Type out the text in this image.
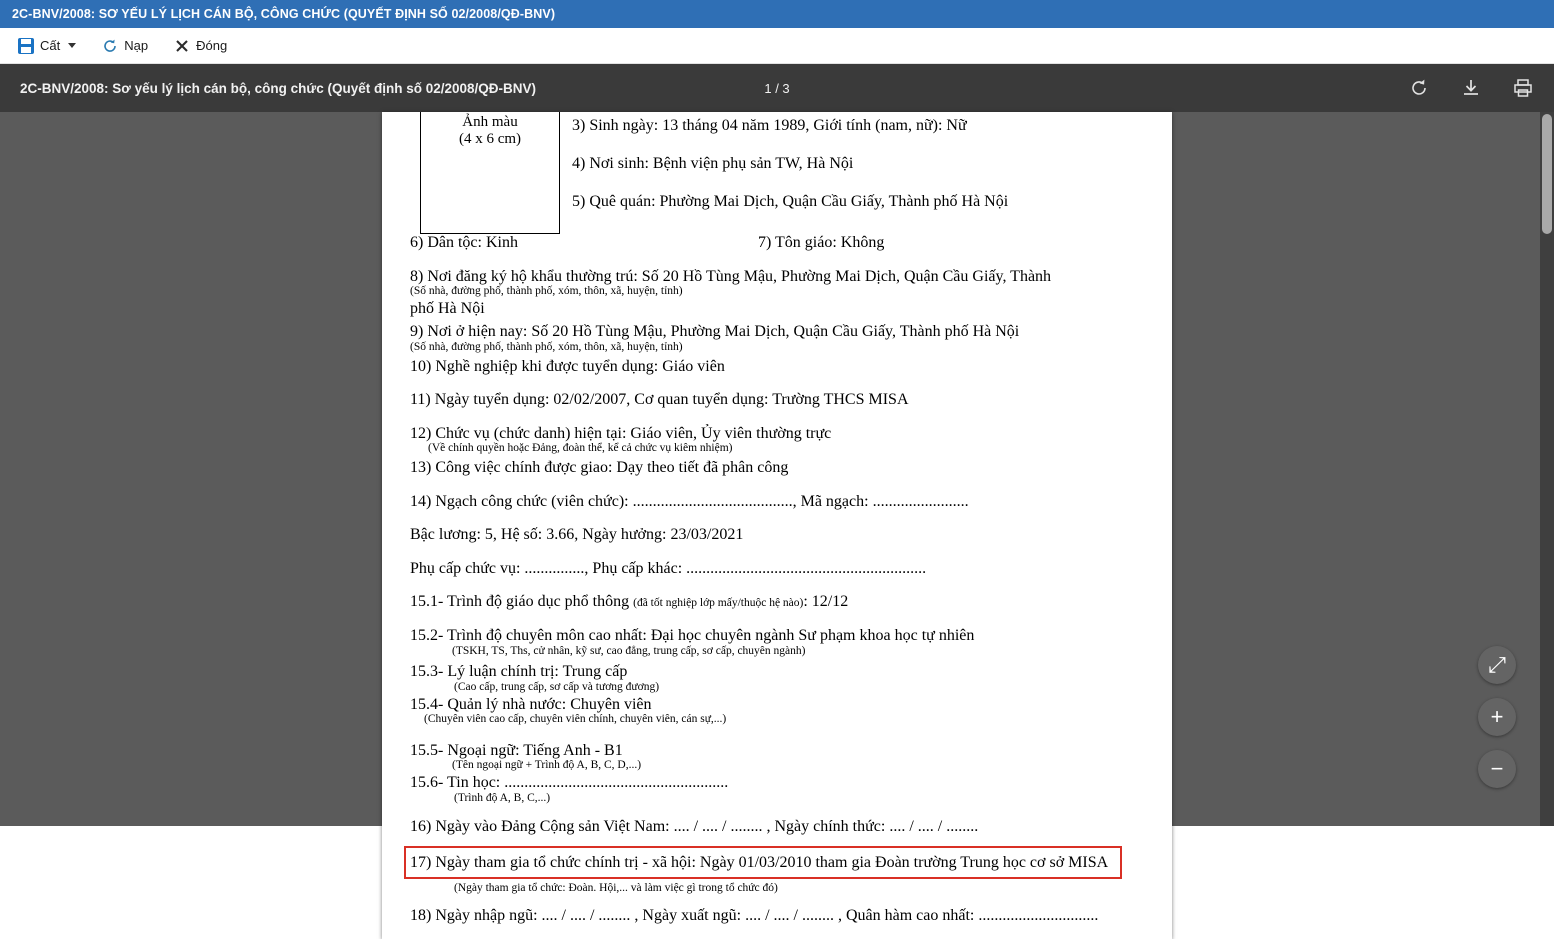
2C-BNV/2008: SƠ YẾU LÝ LỊCH CÁN BỘ, CÔNG CHỨC (QUYẾT ĐỊNH SỐ 02/2008/QĐ-BNV)
Cất	Nạp	Đóng
2C-BNV/2008: Sơ yếu lý lịch cán bộ, công chức (Quyết định số 02/2008/QĐ-BNV)	1 / 3
Ảnh màu
(4 x 6 cm)

3) Sinh ngày: 13 tháng 04 năm 1989, Giới tính (nam, nữ): Nữ

4) Nơi sinh: Bệnh viện phụ sản TW, Hà Nội

5) Quê quán: Phường Mai Dịch, Quận Cầu Giấy, Thành phố Hà Nội

6) Dân tộc: Kinh	7) Tôn giáo: Không

8) Nơi đăng ký hộ khẩu thường trú: Số 20 Hồ Tùng Mậu, Phường Mai Dịch, Quận Cầu Giấy, Thành
(Số nhà, đường phố, thành phố, xóm, thôn, xã, huyện, tỉnh)
phố Hà Nội

9) Nơi ở hiện nay: Số 20 Hồ Tùng Mậu, Phường Mai Dịch, Quận Cầu Giấy, Thành phố Hà Nội
(Số nhà, đường phố, thành phố, xóm, thôn, xã, huyện, tỉnh)

10) Nghề nghiệp khi được tuyển dụng: Giáo viên

11) Ngày tuyển dụng: 02/02/2007, Cơ quan tuyển dụng: Trường THCS MISA

12) Chức vụ (chức danh) hiện tại: Giáo viên, Ủy viên thường trực
(Về chính quyền hoặc Đảng, đoàn thể, kể cả chức vụ kiêm nhiệm)

13) Công việc chính được giao: Dạy theo tiết đã phân công

14) Ngạch công chức (viên chức): ........................................, Mã ngạch: ........................

Bậc lương: 5, Hệ số: 3.66, Ngày hưởng: 23/03/2021

Phụ cấp chức vụ: ..............., Phụ cấp khác: ............................................................

15.1- Trình độ giáo dục phổ thông (đã tốt nghiệp lớp mấy/thuộc hệ nào): 12/12

15.2- Trình độ chuyên môn cao nhất: Đại học chuyên ngành Sư phạm khoa học tự nhiên
(TSKH, TS, Ths, cử nhân, kỹ sư, cao đẳng, trung cấp, sơ cấp, chuyên ngành)

15.3- Lý luận chính trị: Trung cấp
(Cao cấp, trung cấp, sơ cấp và tương đương)
15.4- Quản lý nhà nước: Chuyên viên
(Chuyên viên cao cấp, chuyên viên chính, chuyên viên, cán sự,...)

15.5- Ngoại ngữ: Tiếng Anh - B1
(Tên ngoại ngữ + Trình độ A, B, C, D,...)
15.6- Tin học: ........................................................
(Trình độ A, B, C,...)

16) Ngày vào Đảng Cộng sản Việt Nam: .... / .... / ........ , Ngày chính thức: .... / .... / ........

17) Ngày tham gia tổ chức chính trị - xã hội: Ngày 01/03/2010 tham gia Đoàn trường Trung học cơ sở MISA

(Ngày tham gia tổ chức: Đoàn. Hội,... và làm việc gì trong tổ chức đó)

18) Ngày nhập ngũ: .... / .... / ........ , Ngày xuất ngũ: .... / .... / ........ , Quân hàm cao nhất: ..............................

⤢
+
−
